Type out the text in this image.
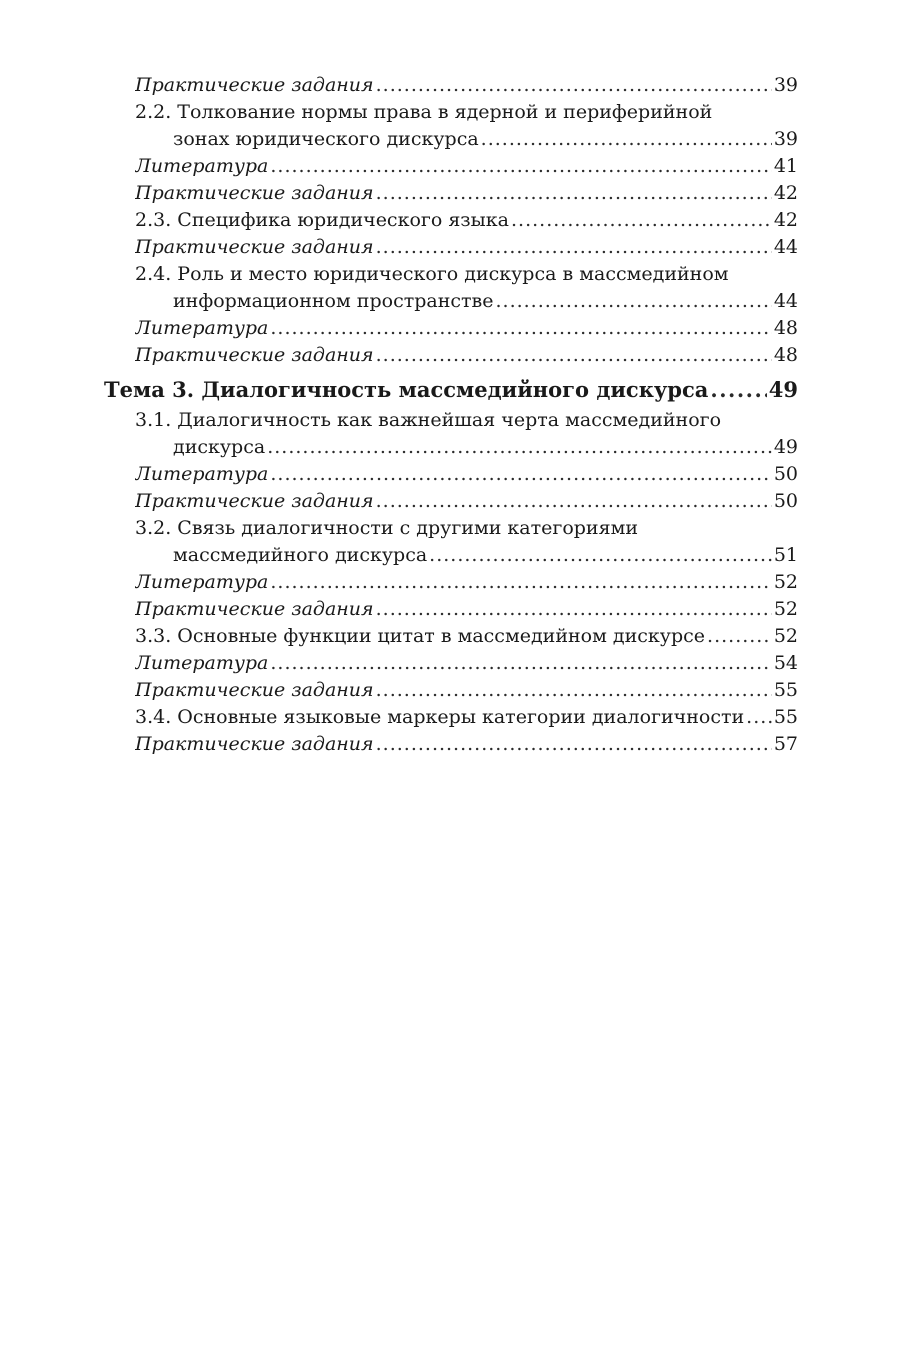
Практические задания .....	39
2.2. Толкование нормы права в ядерной и периферийной
зонах юридического дискурса .....	39
Литература .....	41
Практические задания .....	42
2.3. Специфика юридического языка .....	42
Практические задания .....	44
2.4. Роль и место юридического дискурса в массмедийном
информационном пространстве .....	44
Литература .....	48
Практические задания .....	48
Тема 3. Диалогичность массмедийного дискурса .....	49
3.1. Диалогичность как важнейшая черта массмедийного
дискурса .....	49
Литература .....	50
Практические задания .....	50
3.2. Связь диалогичности с другими категориями
массмедийного дискурса .....	51
Литература .....	52
Практические задания .....	52
3.3. Основные функции цитат в массмедийном дискурсе .....	52
Литература .....	54
Практические задания .....	55
3.4. Основные языковые маркеры категории диалогичности ..... 55
Практические задания .....	57
